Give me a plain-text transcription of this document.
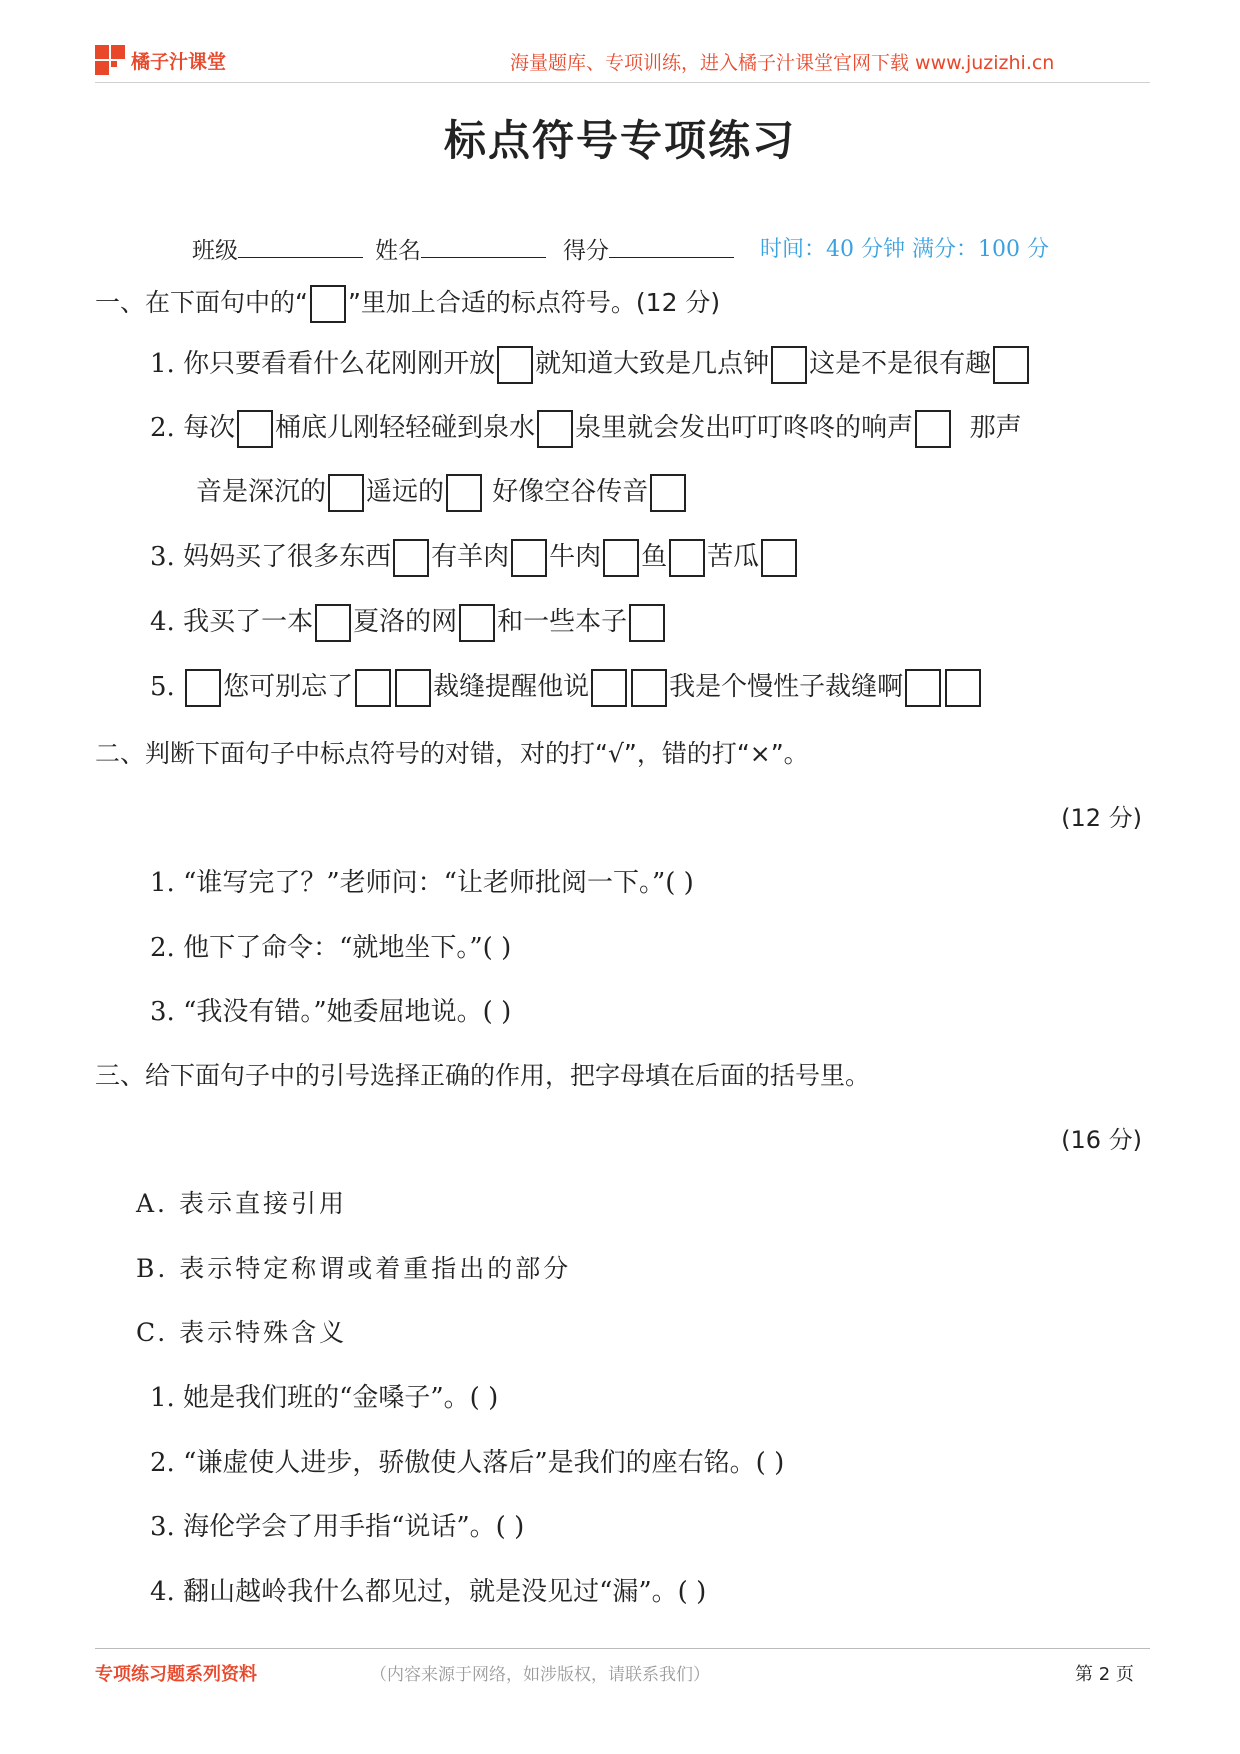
橘子汁课堂	海量题库、专项训练，进入橘子汁课堂官网下载 www.juzizhi.cn
标点符号专项练习
班级	姓名	得分	时间：40 分钟 满分：100 分
一、在下面句中的“ ”里加上合适的标点符号。(12 分)
1. 你只要看看什么花刚刚开放 就知道大致是几点钟 这是不是很有趣
2. 每次 桶底儿刚轻轻碰到泉水 泉里就会发出叮叮咚咚的响声 那声
音是深沉的 遥远的 好像空谷传音
3. 妈妈买了很多东西 有羊肉 牛肉 鱼 苦瓜
4. 我买了一本 夏洛的网 和一些本子
5. 您可别忘了	裁缝提醒他说	我是个慢性子裁缝啊
二、判断下面句子中标点符号的对错，对的打“√”，错的打“×”。
(12 分)
1. “谁写完了？”老师问：“让老师批阅一下。”( )
2. 他下了命令：“就地坐下。”( )
3. “我没有错。”她委屈地说。( )
三、给下面句子中的引号选择正确的作用，把字母填在后面的括号里。
(16 分)
A. 表示直接引用
B. 表示特定称谓或着重指出的部分
C. 表示特殊含义
1. 她是我们班的“金嗓子”。( )
2. “谦虚使人进步，骄傲使人落后”是我们的座右铭。( )
3. 海伦学会了用手指“说话”。( )
4. 翻山越岭我什么都见过，就是没见过“漏”。( )
专项练习题系列资料	（内容来源于网络，如涉版权，请联系我们）	第 2 页
